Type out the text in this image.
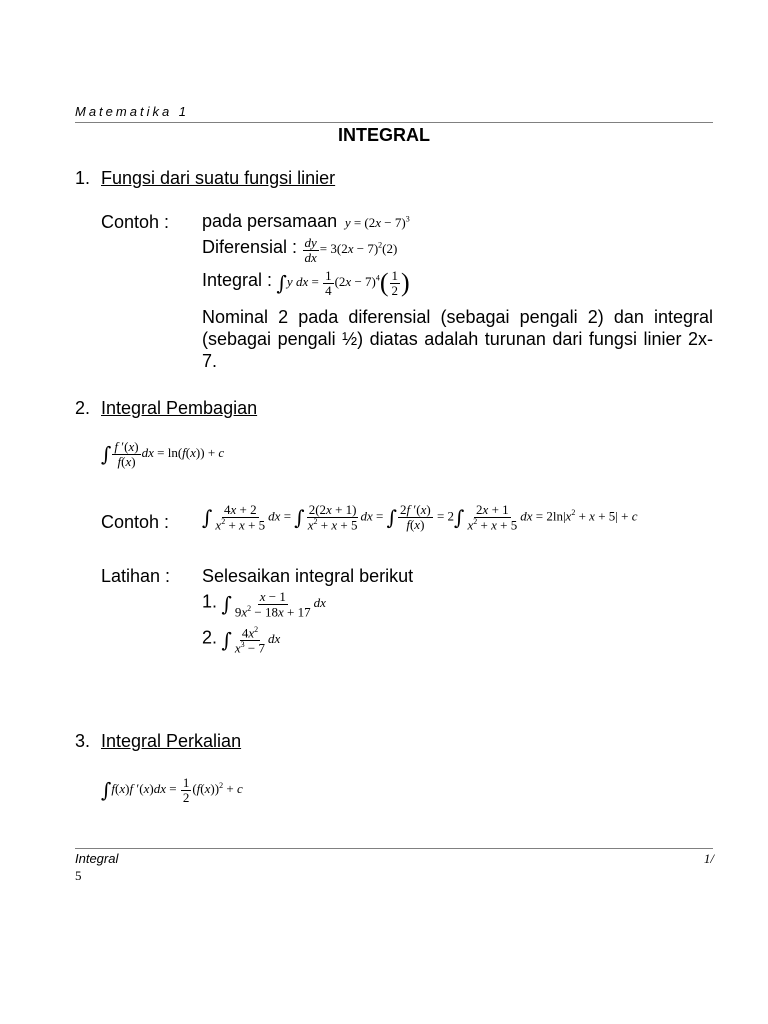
Matematika 1
INTEGRAL
1. Fungsi dari suatu fungsi linier
Contoh : pada persamaan $y = (2x - 7)^3$
Diferensial : $\frac{dy}{dx} = 3(2x - 7)^2(2)$
Integral : ∫y dx = $\frac{1}{4} (2x - 7)^4( \frac{1}{2}$ )
Nominal 2 pada diferensial (sebagai pengali 2) dan integral (sebagai pengali ½) diatas adalah turunan dari fungsi linier 2x-7.
2. Integral Pembagian
∫ $\frac{f '(x)}{f(x)}$ dx = ln(f(x)) + c
Contoh : ∫ $\frac{4x + 2}{x^2 + x + 5}$ dx = ∫ $\frac{2(2x + 1)}{x^2 + x + 5}$ dx = ∫ $\frac{2f '(x)}{f(x)} = 2\int \frac{2x + 1}{x^2 + x + 5}$ dx = $2\ln|x^2 + x + 5| + c$
Latihan : Selesaikan integral berikut
1. ∫ $\frac{x - 1}{9x^2 - 18x + 17}$ dx
2. ∫ $\frac{4x^2}{x^3 - 7}$ dx
3. Integral Perkalian
∫f(x)f $'(x)dx = \frac{1}{2} (f(x))^2 + c$
Integral	1/
5
